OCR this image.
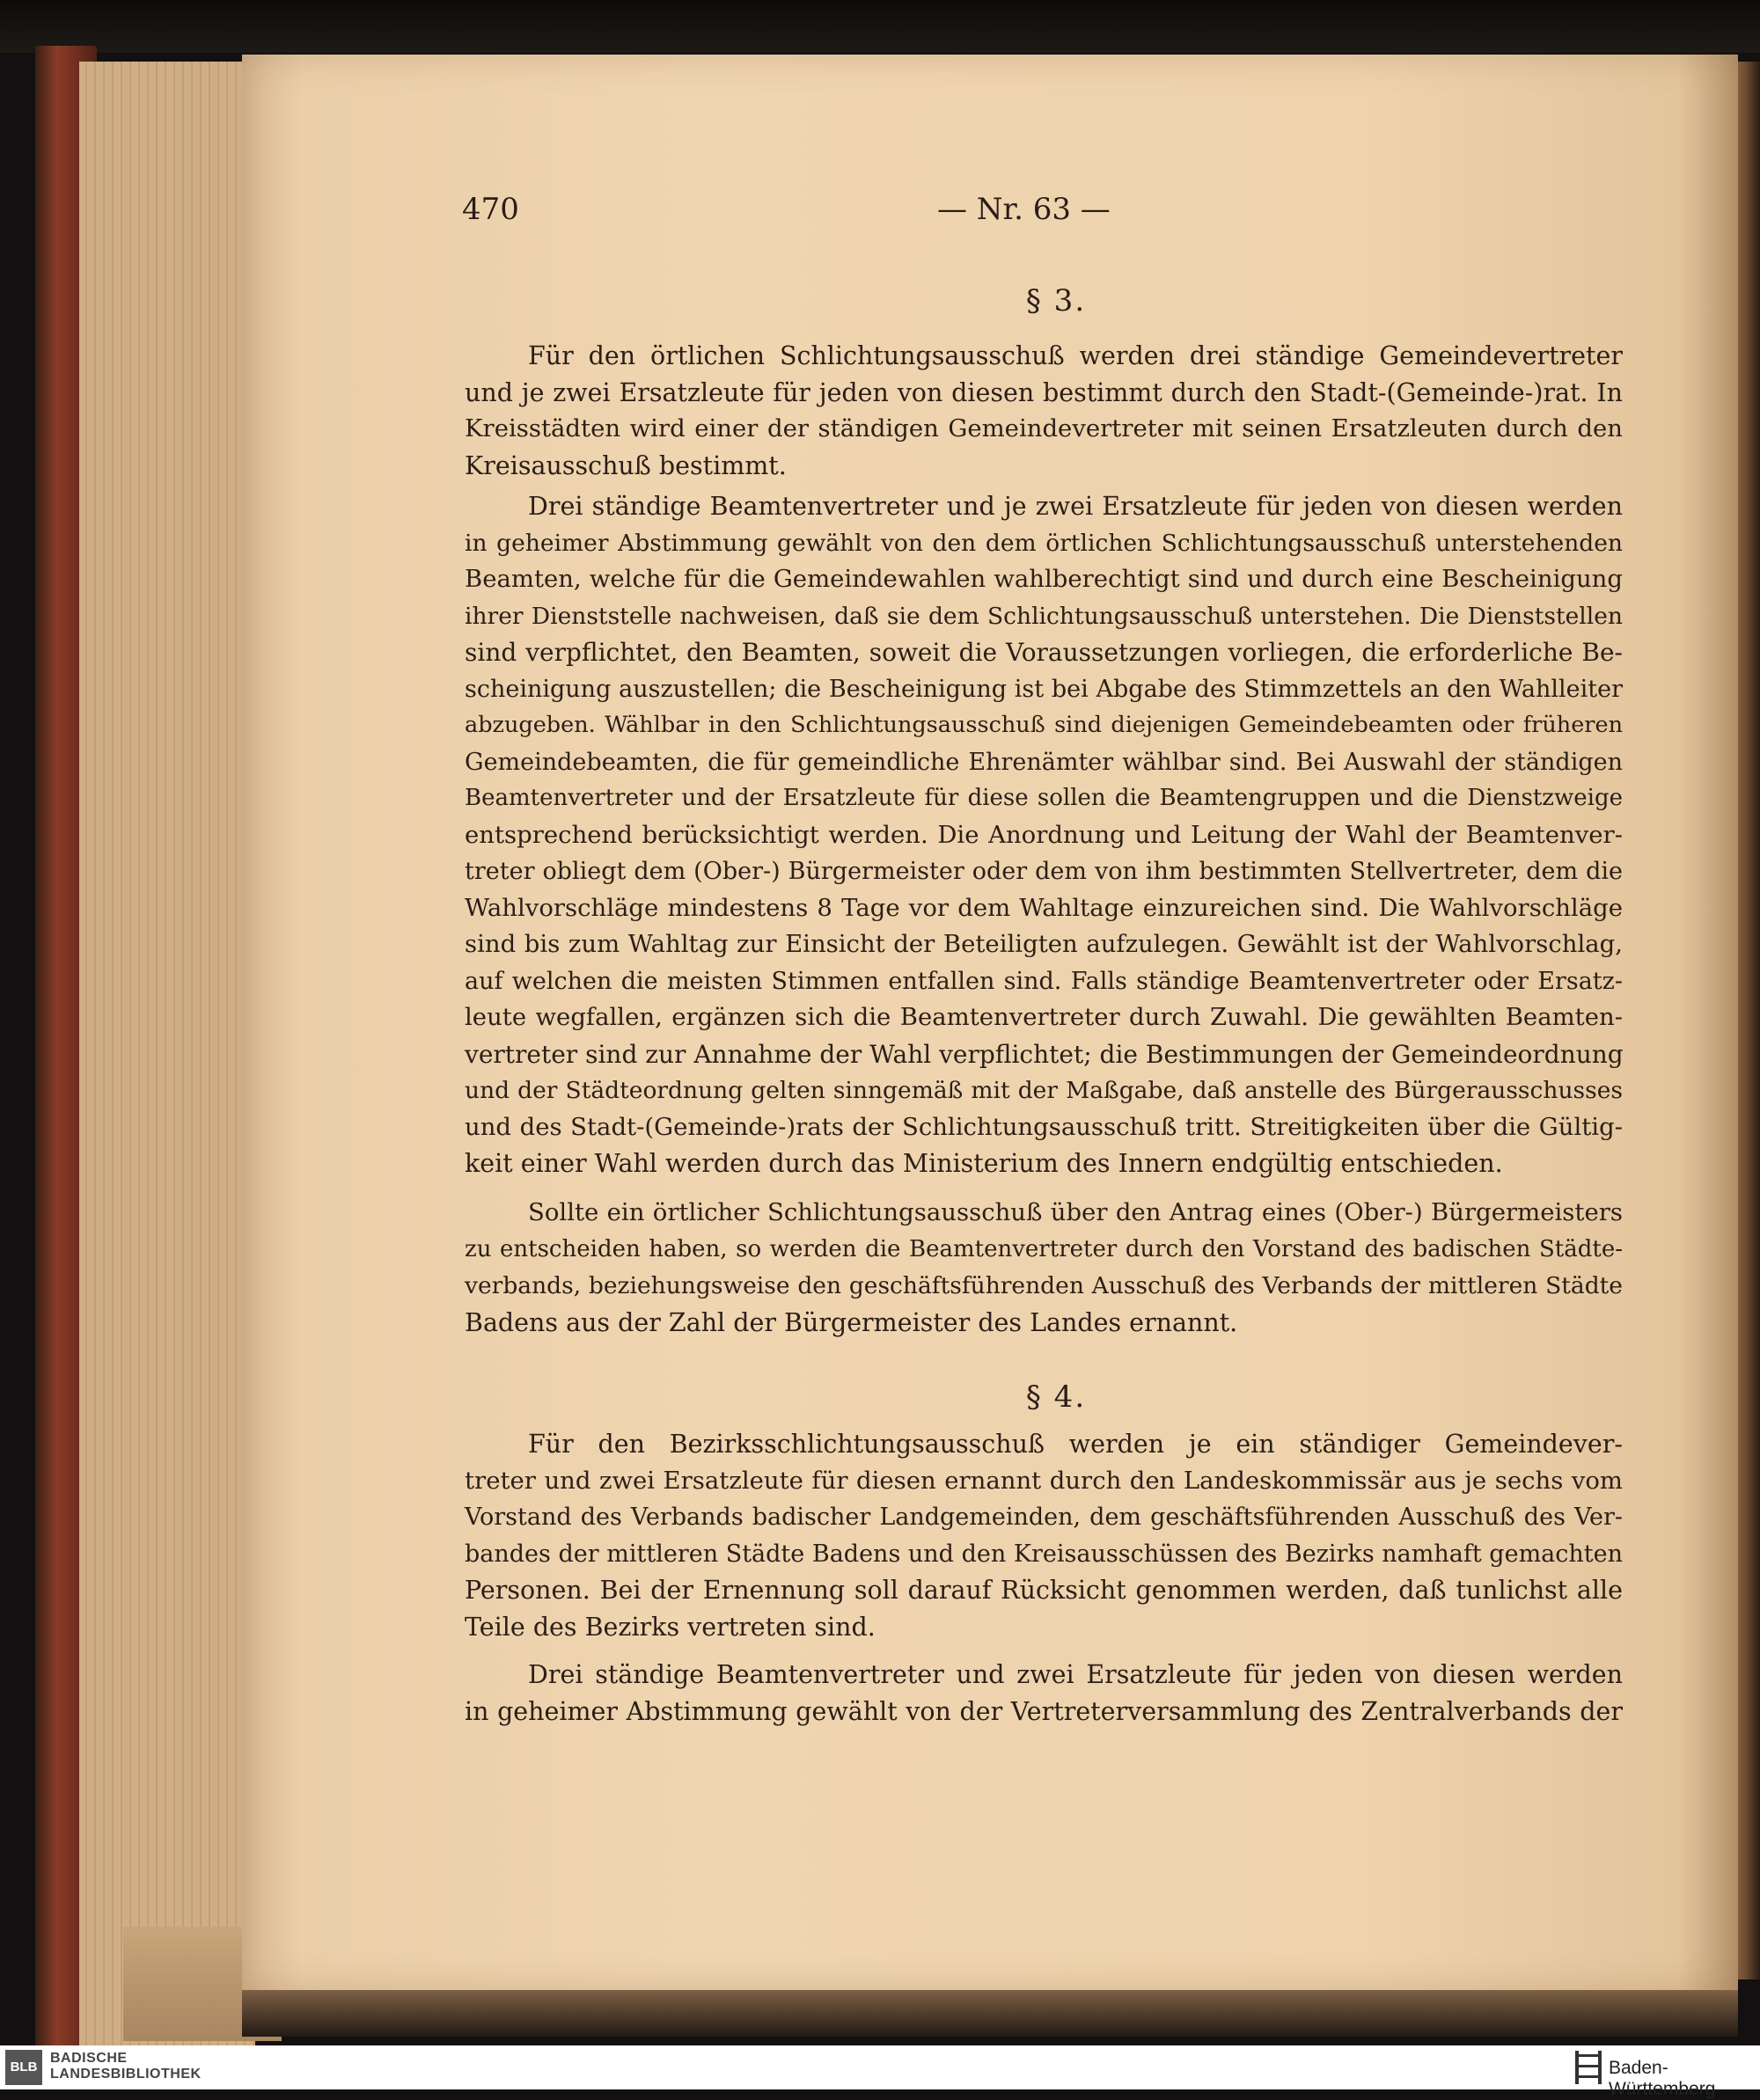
470	— Nr. 63 —
§ 3.
Für den örtlichen Schlichtungsausschuß werden drei ständige Gemeindevertreter
und je zwei Ersatzleute für jeden von diesen bestimmt durch den Stadt-(Gemeinde-)rat. In
Kreisstädten wird einer der ständigen Gemeindevertreter mit seinen Ersatzleuten durch den
Kreisausschuß bestimmt.
Drei ständige Beamtenvertreter und je zwei Ersatzleute für jeden von diesen werden
in geheimer Abstimmung gewählt von den dem örtlichen Schlichtungsausschuß unterstehenden
Beamten, welche für die Gemeindewahlen wahlberechtigt sind und durch eine Bescheinigung
ihrer Dienststelle nachweisen, daß sie dem Schlichtungsausschuß unterstehen. Die Dienststellen
sind verpflichtet, den Beamten, soweit die Voraussetzungen vorliegen, die erforderliche Be-
scheinigung auszustellen; die Bescheinigung ist bei Abgabe des Stimmzettels an den Wahlleiter
abzugeben. Wählbar in den Schlichtungsausschuß sind diejenigen Gemeindebeamten oder früheren
Gemeindebeamten, die für gemeindliche Ehrenämter wählbar sind. Bei Auswahl der ständigen
Beamtenvertreter und der Ersatzleute für diese sollen die Beamtengruppen und die Dienstzweige
entsprechend berücksichtigt werden. Die Anordnung und Leitung der Wahl der Beamtenver-
treter obliegt dem (Ober-) Bürgermeister oder dem von ihm bestimmten Stellvertreter, dem die
Wahlvorschläge mindestens 8 Tage vor dem Wahltage einzureichen sind. Die Wahlvorschläge
sind bis zum Wahltag zur Einsicht der Beteiligten aufzulegen. Gewählt ist der Wahlvorschlag,
auf welchen die meisten Stimmen entfallen sind. Falls ständige Beamtenvertreter oder Ersatz-
leute wegfallen, ergänzen sich die Beamtenvertreter durch Zuwahl. Die gewählten Beamten-
vertreter sind zur Annahme der Wahl verpflichtet; die Bestimmungen der Gemeindeordnung
und der Städteordnung gelten sinngemäß mit der Maßgabe, daß anstelle des Bürgerausschusses
und des Stadt-(Gemeinde-)rats der Schlichtungsausschuß tritt. Streitigkeiten über die Gültig-
keit einer Wahl werden durch das Ministerium des Innern endgültig entschieden.
Sollte ein örtlicher Schlichtungsausschuß über den Antrag eines (Ober-) Bürgermeisters
zu entscheiden haben, so werden die Beamtenvertreter durch den Vorstand des badischen Städte-
verbands, beziehungsweise den geschäftsführenden Ausschuß des Verbands der mittleren Städte
Badens aus der Zahl der Bürgermeister des Landes ernannt.
§ 4.
Für den Bezirksschlichtungsausschuß werden je ein ständiger Gemeindever-
treter und zwei Ersatzleute für diesen ernannt durch den Landeskommissär aus je sechs vom
Vorstand des Verbands badischer Landgemeinden, dem geschäftsführenden Ausschuß des Ver-
bandes der mittleren Städte Badens und den Kreisausschüssen des Bezirks namhaft gemachten
Personen. Bei der Ernennung soll darauf Rücksicht genommen werden, daß tunlichst alle
Teile des Bezirks vertreten sind.
Drei ständige Beamtenvertreter und zwei Ersatzleute für jeden von diesen werden
in geheimer Abstimmung gewählt von der Vertreterversammlung des Zentralverbands der
BLB
BADISCHE
LANDESBIBLIOTHEK	Baden-Württemberg
